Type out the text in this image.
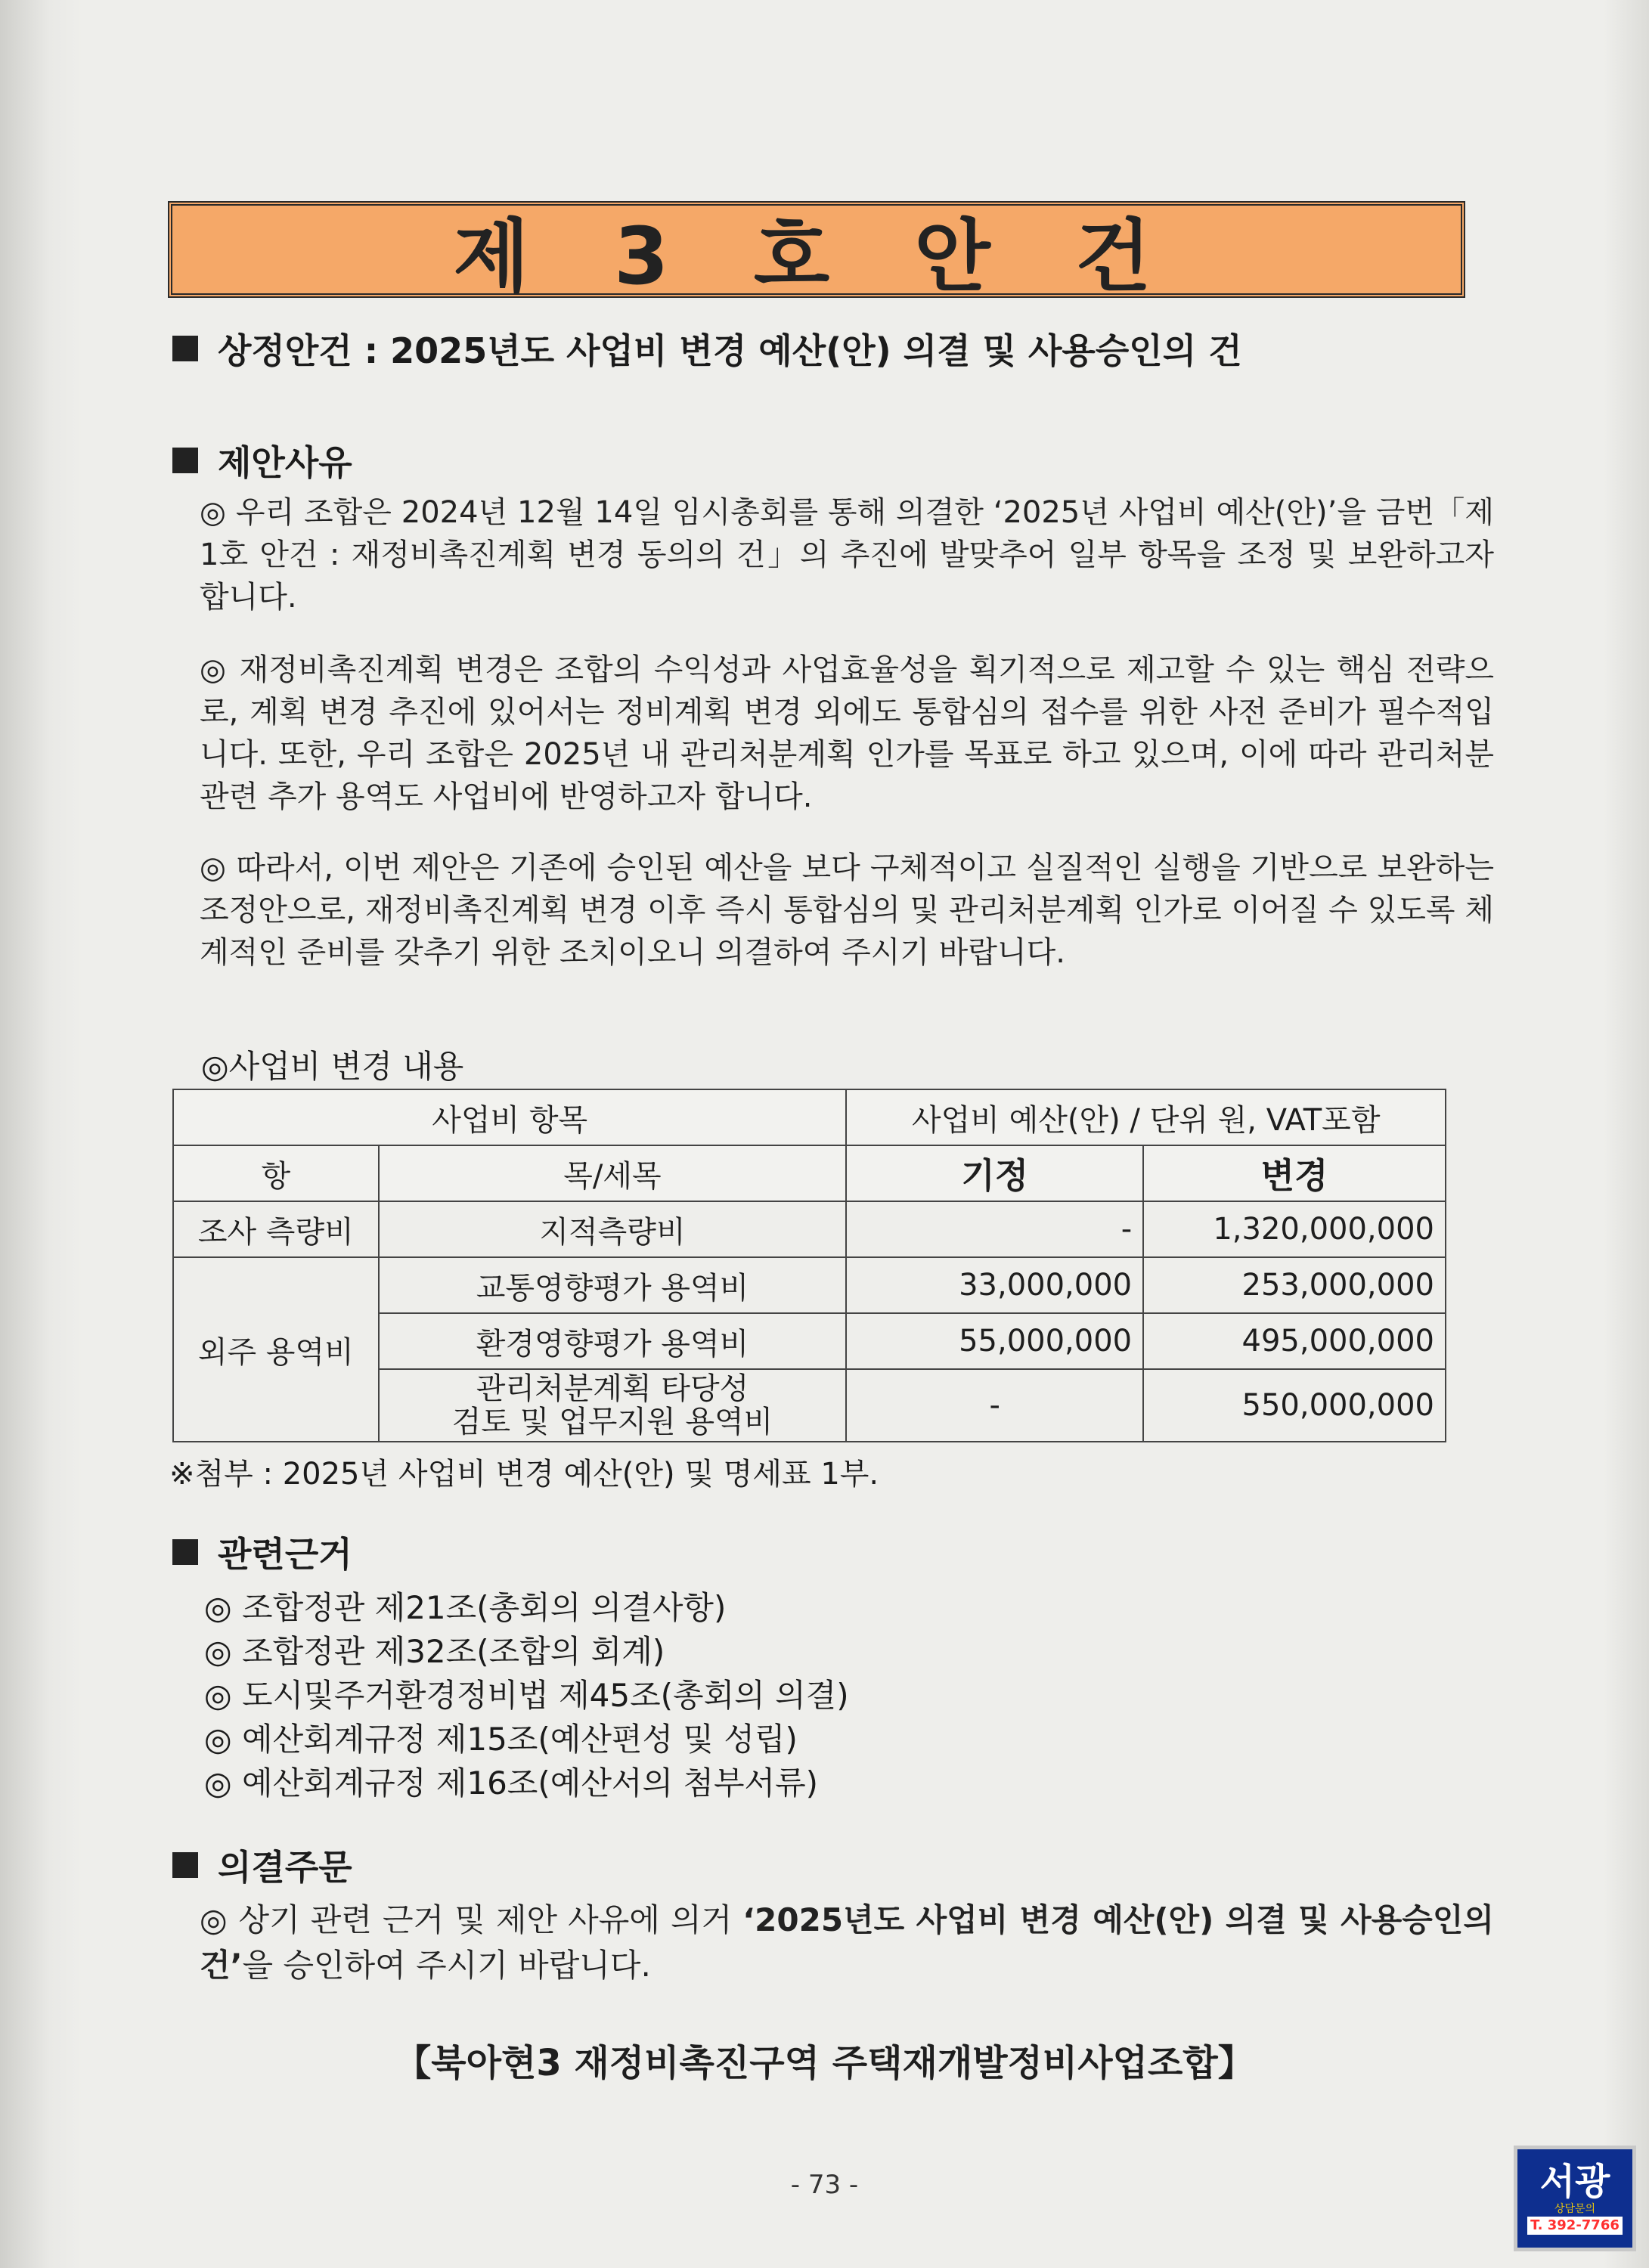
제 3 호 안 건
상정안건 : 2025년도 사업비 변경 예산(안) 의결 및 사용승인의 건
제안사유
◎ 우리 조합은 2024년 12월 14일 임시총회를 통해 의결한 ‘2025년 사업비 예산(안)’을 금번「제1호 안건 : 재정비촉진계획 변경 동의의 건」의 추진에 발맞추어 일부 항목을 조정 및 보완하고자 합니다.
◎ 재정비촉진계획 변경은 조합의 수익성과 사업효율성을 획기적으로 제고할 수 있는 핵심 전략으로, 계획 변경 추진에 있어서는 정비계획 변경 외에도 통합심의 접수를 위한 사전 준비가 필수적입니다. 또한, 우리 조합은 2025년 내 관리처분계획 인가를 목표로 하고 있으며, 이에 따라 관리처분 관련 추가 용역도 사업비에 반영하고자 합니다.
◎ 따라서, 이번 제안은 기존에 승인된 예산을 보다 구체적이고 실질적인 실행을 기반으로 보완하는 조정안으로, 재정비촉진계획 변경 이후 즉시 통합심의 및 관리처분계획 인가로 이어질 수 있도록 체계적인 준비를 갖추기 위한 조치이오니 의결하여 주시기 바랍니다.
◎사업비 변경 내용
사업비 항목		사업비 예산(안) / 단위 원, VAT포함	
항	목/세목	기정	변경
조사 측량비	지적측량비	-	1,320,000,000
외주 용역비	교통영향평가 용역비	33,000,000	253,000,000
	환경영향평가 용역비	55,000,000	495,000,000
	관리처분계획 타당성
검토 및 업무지원 용역비	-	550,000,000
※첨부 : 2025년 사업비 변경 예산(안) 및 명세표 1부.
관련근거
◎ 조합정관 제21조(총회의 의결사항)
◎ 조합정관 제32조(조합의 회계)
◎ 도시및주거환경정비법 제45조(총회의 의결)
◎ 예산회계규정 제15조(예산편성 및 성립)
◎ 예산회계규정 제16조(예산서의 첨부서류)
의결주문
◎ 상기 관련 근거 및 제안 사유에 의거 ‘2025년도 사업비 변경 예산(안) 의결 및 사용승인의 건’을 승인하여 주시기 바랍니다.
【북아현3 재정비촉진구역 주택재개발정비사업조합】
- 73 -	서광
상담문의
T. 392-7766
